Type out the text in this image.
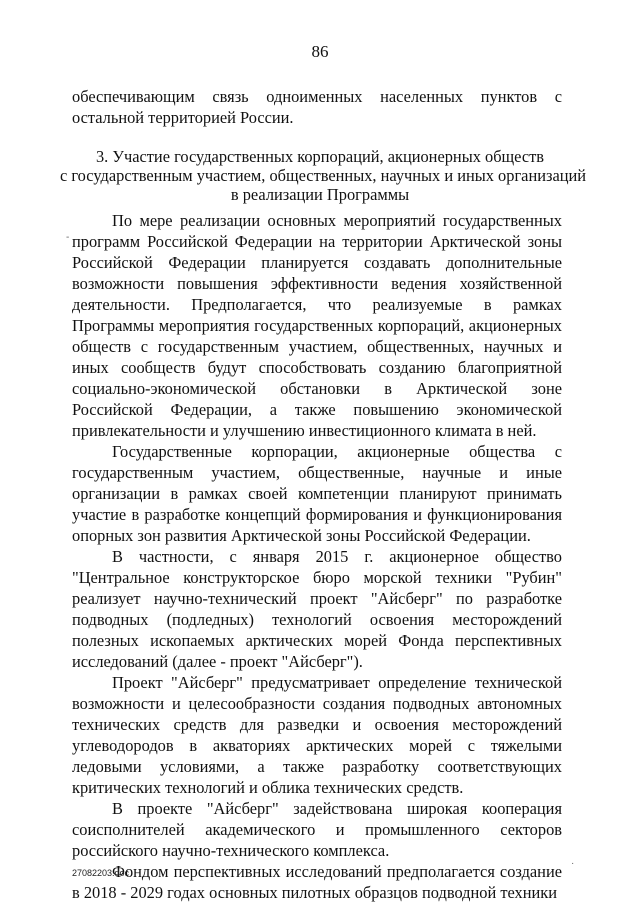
86
обеспечивающим связь одноименных населенных пунктов с остальной территорией России.
3. Участие государственных корпораций, акционерных обществ
с государственным участием, общественных, научных и иных организаций
в реализации Программы

По мере реализации основных мероприятий государственных программ Российской Федерации на территории Арктической зоны Российской Федерации планируется создавать дополнительные возможности повышения эффективности ведения хозяйственной деятельности. Предполагается, что реализуемые в рамках Программы мероприятия государственных корпораций, акционерных обществ с государственным участием, общественных, научных и иных сообществ будут способствовать созданию благоприятной социально-экономической обстановки в Арктической зоне Российской Федерации, а также повышению экономической привлекательности и улучшению инвестиционного климата в ней.

Государственные корпорации, акционерные общества с государственным участием, общественные, научные и иные организации в рамках своей компетенции планируют принимать участие в разработке концепций формирования и функционирования опорных зон развития Арктической зоны Российской Федерации.

В частности, с января 2015 г. акционерное общество "Центральное конструкторское бюро морской техники "Рубин" реализует научно-технический проект "Айсберг" по разработке подводных (подледных) технологий освоения месторождений полезных ископаемых арктических морей Фонда перспективных исследований (далее - проект "Айсберг").

Проект "Айсберг" предусматривает определение технической возможности и целесообразности создания подводных автономных технических средств для разведки и освоения месторождений углеводородов в акваториях арктических морей с тяжелыми ледовыми условиями, а также разработку соответствующих критических технологий и облика технических средств.

В проекте "Айсберг" задействована широкая кооперация соисполнителей академического и промышленного секторов российского научно-технического комплекса.

Фондом перспективных исследований предполагается создание в 2018 - 2029 годах основных пилотных образцов подводной техники

-
·
27082203.doc
